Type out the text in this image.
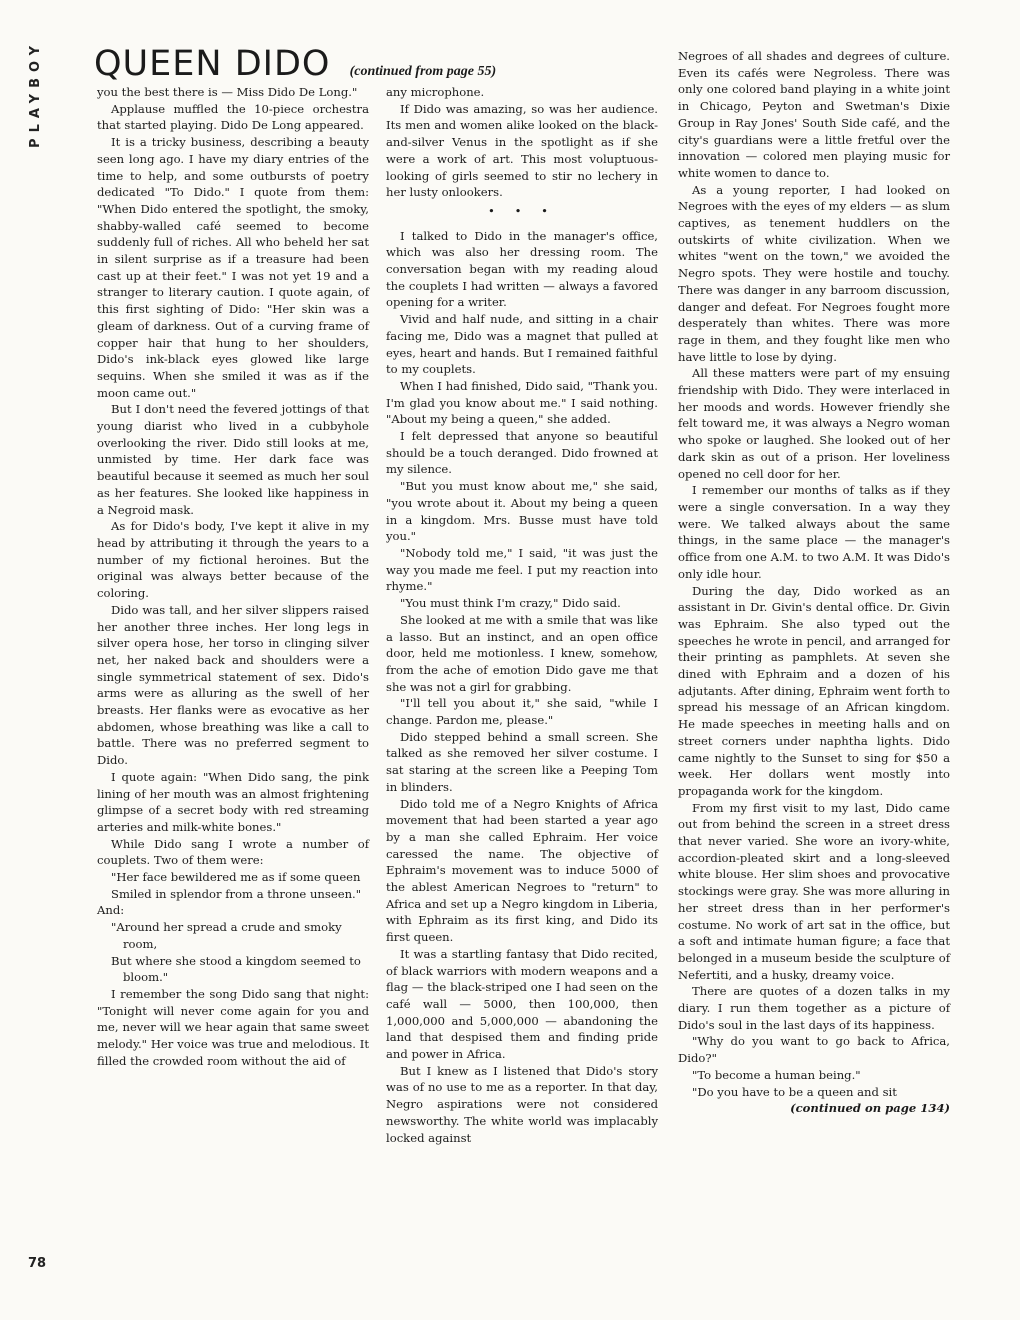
PLAYBOY
78
QUEEN DIDO (continued from page 55)

you the best there is — Miss Dido De Long."

Applause muffled the 10-piece orchestra that started playing. Dido De Long appeared.

It is a tricky business, describing a beauty seen long ago. I have my diary entries of the time to help, and some outbursts of poetry dedicated "To Dido." I quote from them: "When Dido entered the spotlight, the smoky, shabby-walled café seemed to become suddenly full of riches. All who beheld her sat in silent surprise as if a treasure had been cast up at their feet." I was not yet 19 and a stranger to literary caution. I quote again, of this first sighting of Dido: "Her skin was a gleam of darkness. Out of a curving frame of copper hair that hung to her shoulders, Dido's ink-black eyes glowed like large sequins. When she smiled it was as if the moon came out."

But I don't need the fevered jottings of that young diarist who lived in a cubbyhole overlooking the river. Dido still looks at me, unmisted by time. Her dark face was beautiful because it seemed as much her soul as her features. She looked like happiness in a Negroid mask.

As for Dido's body, I've kept it alive in my head by attributing it through the years to a number of my fictional heroines. But the original was always better because of the coloring.

Dido was tall, and her silver slippers raised her another three inches. Her long legs in silver opera hose, her torso in clinging silver net, her naked back and shoulders were a single symmetrical statement of sex. Dido's arms were as alluring as the swell of her breasts. Her flanks were as evocative as her abdomen, whose breathing was like a call to battle. There was no preferred segment to Dido.

I quote again: "When Dido sang, the pink lining of her mouth was an almost frightening glimpse of a secret body with red streaming arteries and milk-white bones."

While Dido sang I wrote a number of couplets. Two of them were:

"Her face bewildered me as if some queen

Smiled in splendor from a throne unseen."

And:

"Around her spread a crude and smoky room,

But where she stood a kingdom seemed to bloom."

I remember the song Dido sang that night: "Tonight will never come again for you and me, never will we hear again that same sweet melody." Her voice was true and melodious. It filled the crowded room without the aid of

any microphone.

If Dido was amazing, so was her audience. Its men and women alike looked on the black-and-silver Venus in the spotlight as if she were a work of art. This most voluptuous-looking of girls seemed to stir no lechery in her lusty onlookers.

• • •

I talked to Dido in the manager's office, which was also her dressing room. The conversation began with my reading aloud the couplets I had written — always a favored opening for a writer.

Vivid and half nude, and sitting in a chair facing me, Dido was a magnet that pulled at eyes, heart and hands. But I remained faithful to my couplets.

When I had finished, Dido said, "Thank you. I'm glad you know about me." I said nothing. "About my being a queen," she added.

I felt depressed that anyone so beautiful should be a touch deranged. Dido frowned at my silence.

"But you must know about me," she said, "you wrote about it. About my being a queen in a kingdom. Mrs. Busse must have told you."

"Nobody told me," I said, "it was just the way you made me feel. I put my reaction into rhyme."

"You must think I'm crazy," Dido said.

She looked at me with a smile that was like a lasso. But an instinct, and an open office door, held me motionless. I knew, somehow, from the ache of emotion Dido gave me that she was not a girl for grabbing.

"I'll tell you about it," she said, "while I change. Pardon me, please."

Dido stepped behind a small screen. She talked as she removed her silver costume. I sat staring at the screen like a Peeping Tom in blinders.

Dido told me of a Negro Knights of Africa movement that had been started a year ago by a man she called Ephraim. Her voice caressed the name. The objective of Ephraim's movement was to induce 5000 of the ablest American Negroes to "return" to Africa and set up a Negro kingdom in Liberia, with Ephraim as its first king, and Dido its first queen.

It was a startling fantasy that Dido recited, of black warriors with modern weapons and a flag — the black-striped one I had seen on the café wall — 5000, then 100,000, then 1,000,000 and 5,000,000 — abandoning the land that despised them and finding pride and power in Africa.

But I knew as I listened that Dido's story was of no use to me as a reporter. In that day, Negro aspirations were not considered newsworthy. The white world was implacably locked against

Negroes of all shades and degrees of culture. Even its cafés were Negroless. There was only one colored band playing in a white joint in Chicago, Peyton and Swetman's Dixie Group in Ray Jones' South Side café, and the city's guardians were a little fretful over the innovation — colored men playing music for white women to dance to.

As a young reporter, I had looked on Negroes with the eyes of my elders — as slum captives, as tenement huddlers on the outskirts of white civilization. When we whites "went on the town," we avoided the Negro spots. They were hostile and touchy. There was danger in any barroom discussion, danger and defeat. For Negroes fought more desperately than whites. There was more rage in them, and they fought like men who have little to lose by dying.

All these matters were part of my ensuing friendship with Dido. They were interlaced in her moods and words. However friendly she felt toward me, it was always a Negro woman who spoke or laughed. She looked out of her dark skin as out of a prison. Her loveliness opened no cell door for her.

I remember our months of talks as if they were a single conversation. In a way they were. We talked always about the same things, in the same place — the manager's office from one A.M. to two A.M. It was Dido's only idle hour.

During the day, Dido worked as an assistant in Dr. Givin's dental office. Dr. Givin was Ephraim. She also typed out the speeches he wrote in pencil, and arranged for their printing as pamphlets. At seven she dined with Ephraim and a dozen of his adjutants. After dining, Ephraim went forth to spread his message of an African kingdom. He made speeches in meeting halls and on street corners under naphtha lights. Dido came nightly to the Sunset to sing for $50 a week. Her dollars went mostly into propaganda work for the kingdom.

From my first visit to my last, Dido came out from behind the screen in a street dress that never varied. She wore an ivory-white, accordion-pleated skirt and a long-sleeved white blouse. Her slim shoes and provocative stockings were gray. She was more alluring in her street dress than in her performer's costume. No work of art sat in the office, but a soft and intimate human figure; a face that belonged in a museum beside the sculpture of Nefertiti, and a husky, dreamy voice.

There are quotes of a dozen talks in my diary. I run them together as a picture of Dido's soul in the last days of its happiness.

"Why do you want to go back to Africa, Dido?"

"To become a human being."

"Do you have to be a queen and sit

(continued on page 134)
